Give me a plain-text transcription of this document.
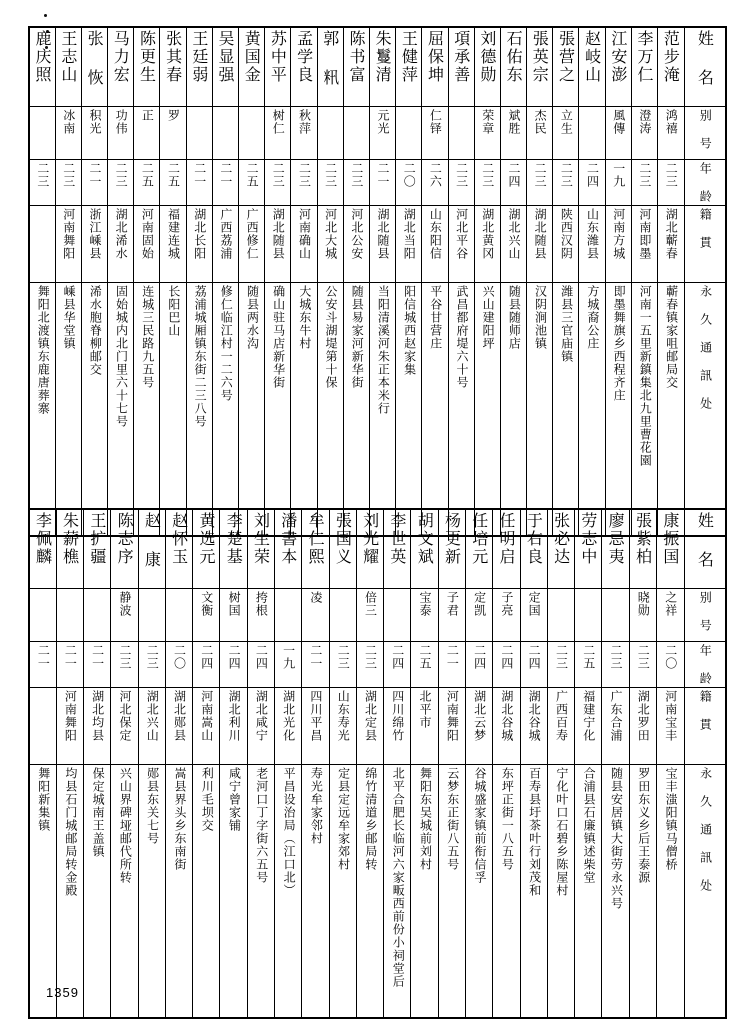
鹿庆照	王志山	张 恢	马力宏	陈更生	张其春	王廷弱	吴显强	黄国金	苏中平	孟学良	郭 籸	陈书富	朱鬘清	王健萍	屈保坤	項承善	刘德勋	石佑东	張英宗	張营之	赵岐山	江安澎	李万仁	范步淹	姓 名

	冰南	积光	功伟	正	罗				树仁	秋萍			元光		仁铎		荣章	斌胜	杰民	立生		風傳	澄涛	鸿禧	别 号

二三	二三	二一	二三	二五	二五	二一	二一	二五	二三	二三	二三	二三	二一	二〇	二六	二三	二三	二四	二三	二三	二四	一九	二三	二三	年 龄

	河南舞阳	浙江嵊县	湖北浠水	河南固始	福建连城	湖北长阳	广西荔浦	广西修仁	湖北随县	河南确山	河北大城	河北公安	湖北随县	湖北当阳	山东阳信	河北平谷	湖北黄冈	湖北兴山	湖北随县	陕西汉阴	山东潍县	河南方城	河南即墨	湖北蘄春	籍 貫

舞阳北渡镇东鹿唐葬寨	嵊县华堂镇	浠水胞脊柳邮交	固始城内北门里六十七号	连城三民路九五号	长阳巴山	荔浦城厢镇东街二三八号	修仁临江村一二六号	随县两水沟	确山驻马店新华街	大城东牛村	公安斗湖堤第十保	随县易家河新华街	当阳清溪河朱正本米行	阳信城西赵家集	平谷甘营庄	武昌都府堤六十号	兴山建阳坪	随县随师店	汉阴涧池镇	潍县三官庙镇	方城裔公庄	即墨舞旗乡西程齐庄	河南一五里新鎮集北九里曹花園	蘄春镇家咀邮局交	永 久 通 訊 处
李佩麟	朱薪樵	王扩疆	陈志序	赵 康	赵怀玉	黄选元	李楚基	刘生荣	潘書本	牟仁熙	張国义	刘光耀	李世英	胡文斌	杨更新	任培元	任明启	于右良	张必达	劳志中	廖忌夷	張紫柏	康振国	姓 名

			静波			文衡	树国	挎根		凌		倍三		宝泰	子君	定凯	子亮	定国				晓勋	之祥	别 号

二一	二一	二一	二三	二三	二〇	二四	二四	二四	一九	二一	二三	二三	二四	二五	二一	二四	二四	二四	二三	二五	二三	二三	二〇	年 龄

	河南舞阳	湖北均县	河北保定	湖北兴山	湖北郧县	河南嵩山	湖北利川	湖北咸宁	湖北光化	四川平昌	山东寿光	湖北定县	四川绵竹	北平市	河南舞阳	湖北云梦	湖北谷城	湖北谷城	广西百寿	福建宁化	广东合浦	湖北罗田	河南宝丰	籍 貫

舞阳新集镇	均县石门城邮局转金殿	保定城南王盖镇	兴山界碑垭邮代所转	郧县东关七号	嵩县界头乡东南街	利川毛坝交	咸宁曾家铺	老河口丁字街六五号	平昌设治局（江口北）	寿光牟家邻村	定县定远牟家郊村	绵竹清道乡邮局转	北平合肥长临河六家畈西前份小祠堂后	舞阳东吴城前刘村	云梦东正街八五号	谷城盛家镇前衔信孚	东坪正街一八五号	百寿县圩茶叶行刘茂和	宁化叶口石碧乡陈屋村	合浦县石廉镇述柴堂	随县安居镇大街劳永兴号	罗田东义乡后王泰源	宝丰滍阳镇马僧桥	永 久 通 訊 处
1359
